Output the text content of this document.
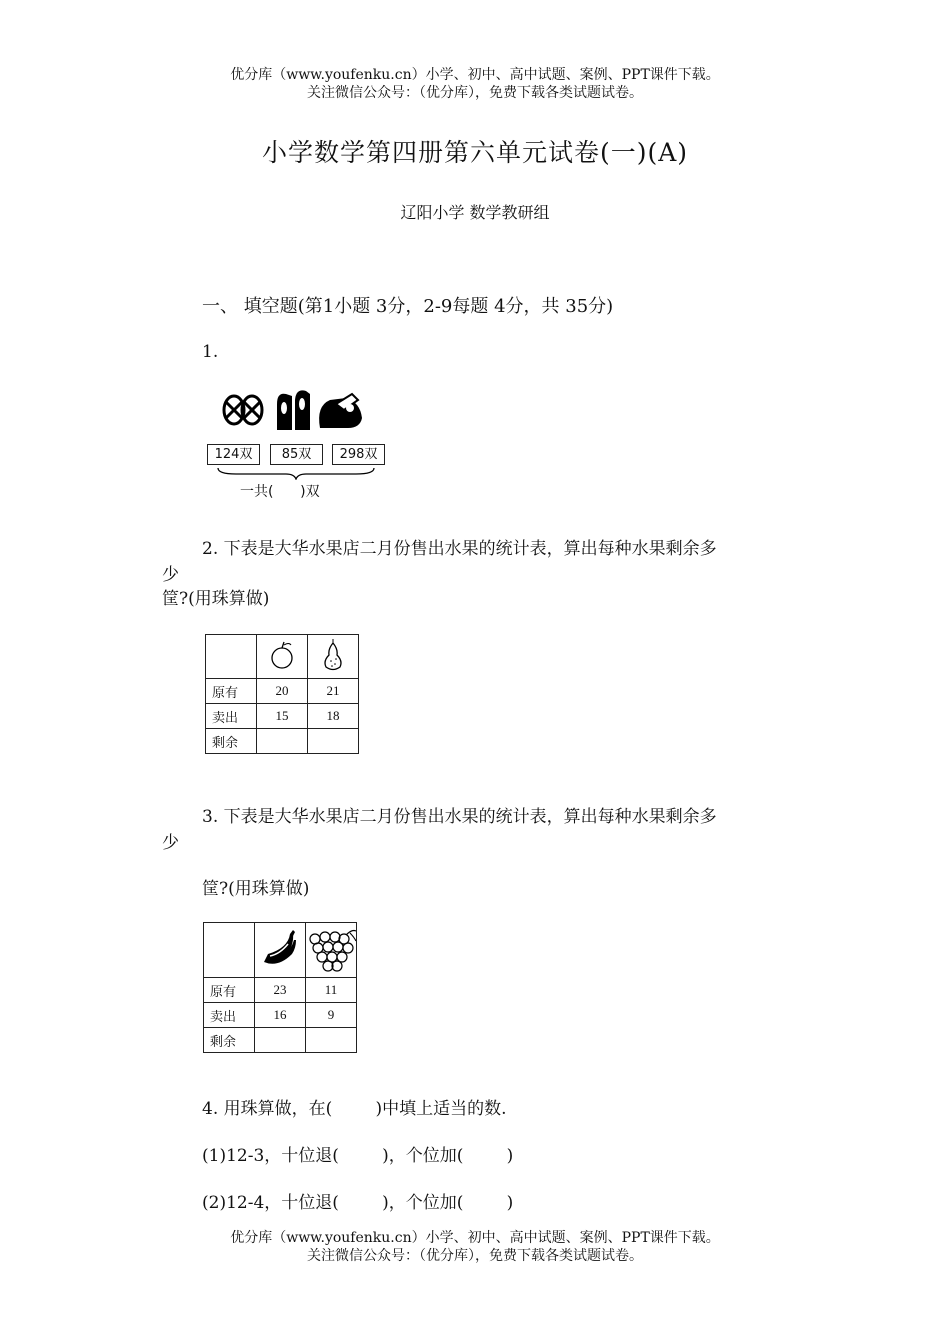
优分库（www.youfenku.cn）小学、初中、高中试题、案例、PPT课件下载。
关注微信公众号：（优分库），免费下载各类试题试卷。
小学数学第四册第六单元试卷(一)(A)
辽阳小学 数学教研组
一、 填空题(第1小题 3分，2-9每题 4分，共 35分)
1.
124双	85双	298双
一共(      )双
2. 下表是大华水果店二月份售出水果的统计表，算出每种水果剩余多
少
筐?(用珠算做)

原有	20	21
卖出	15	18
剩余		
3. 下表是大华水果店二月份售出水果的统计表，算出每种水果剩余多
少
筐?(用珠算做)

原有	23	11
卖出	16	9
剩余		
4. 用珠算做，在(        )中填上适当的数.
(1)12-3，十位退(        )，个位加(        )
(2)12-4，十位退(        )，个位加(        )
优分库（www.youfenku.cn）小学、初中、高中试题、案例、PPT课件下载。
关注微信公众号：（优分库），免费下载各类试题试卷。
